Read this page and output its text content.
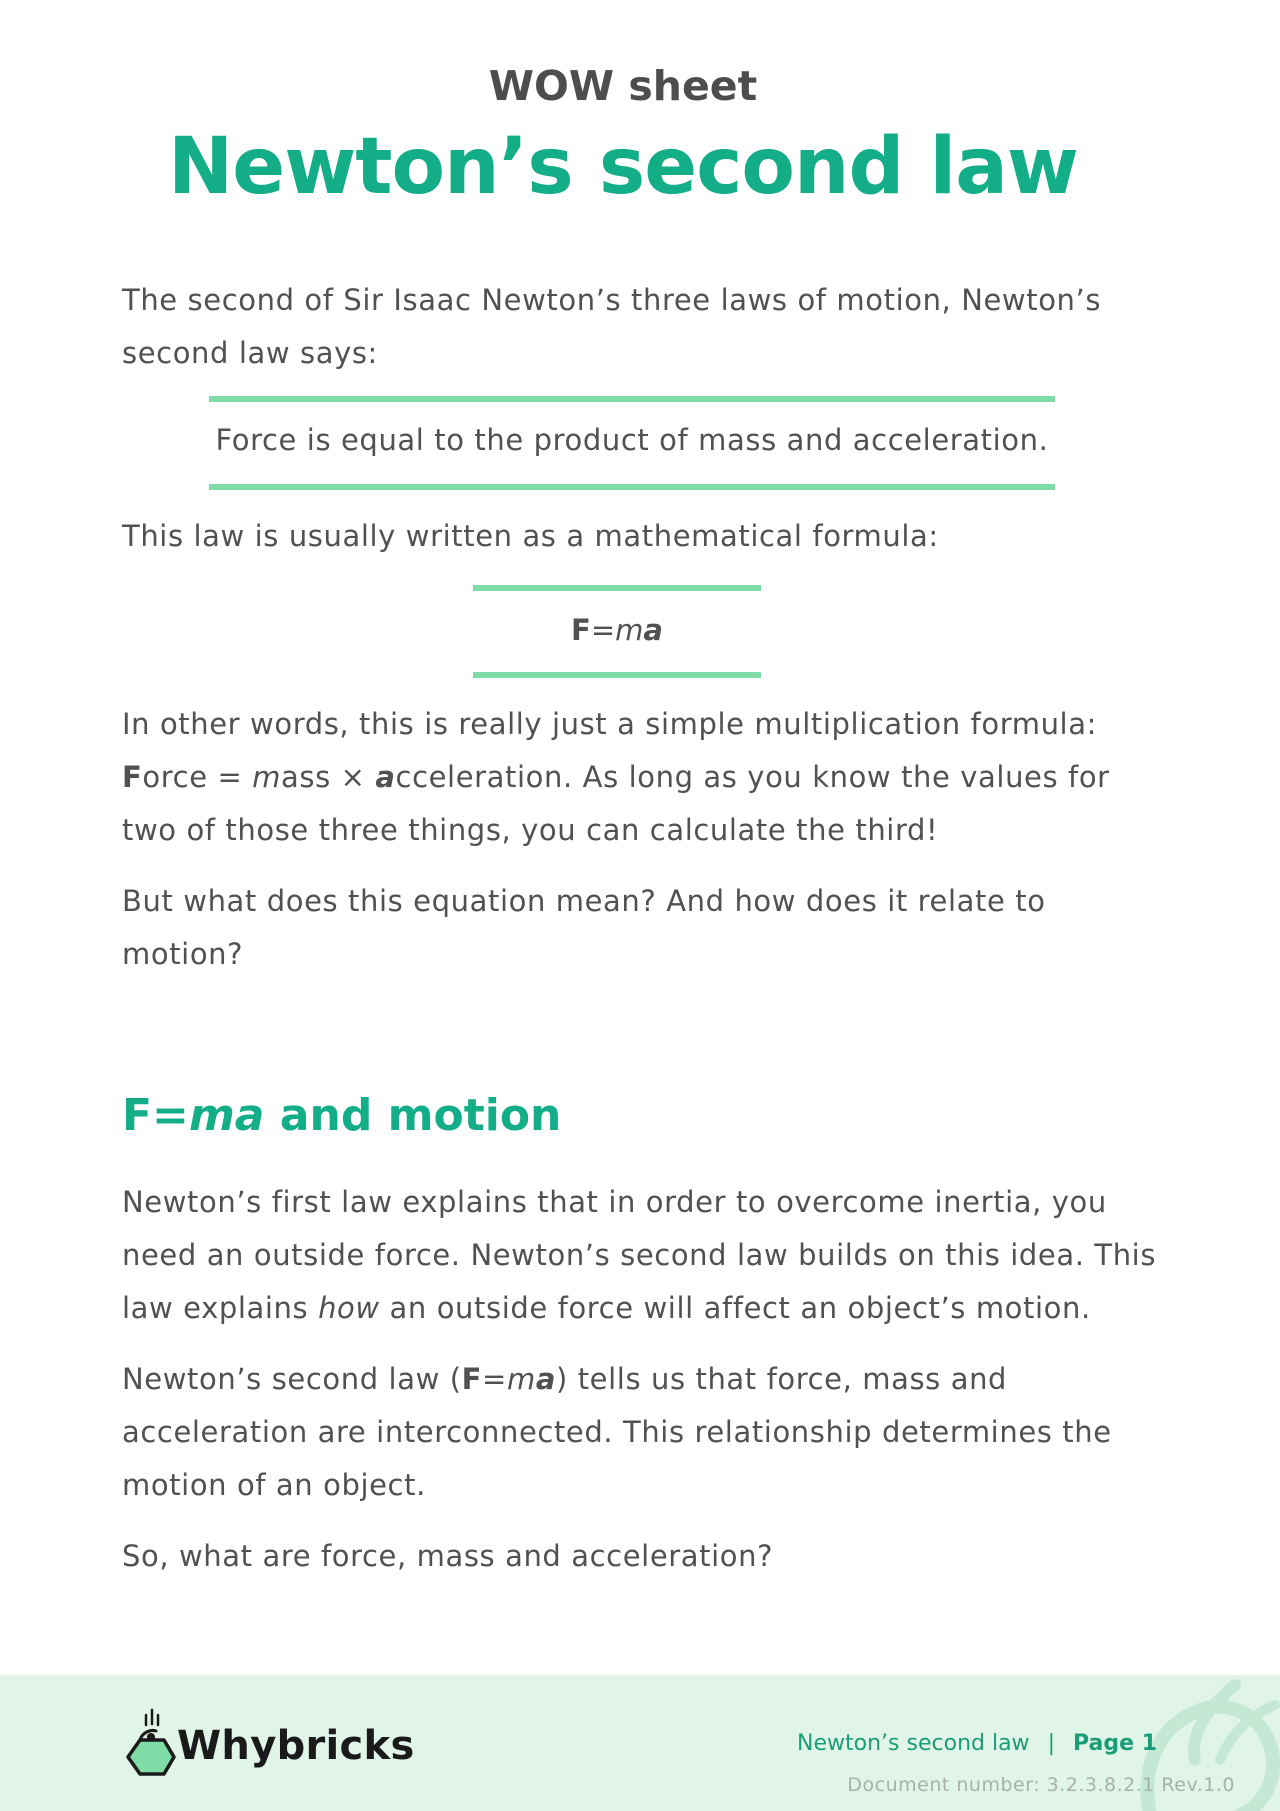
WOW sheet
Newton’s second law

The second of Sir Isaac Newton’s three laws of motion, Newton’s second law says:

Force is equal to the product of mass and acceleration.

This law is usually written as a mathematical formula:

F=ma

In other words, this is really just a simple multiplication formula:
Force = mass × acceleration. As long as you know the values for two of those three things, you can calculate the third!

But what does this equation mean? And how does it relate to motion?

F=ma and motion

Newton’s first law explains that in order to overcome inertia, you need an outside force. Newton’s second law builds on this idea. This law explains how an outside force will affect an object’s motion.

Newton’s second law (F=ma) tells us that force, mass and acceleration are interconnected. This relationship determines the motion of an object.

So, what are force, mass and acceleration?

Whybricks	Newton’s second law | Page 1
Document number: 3.2.3.8.2.1 Rev.1.0
